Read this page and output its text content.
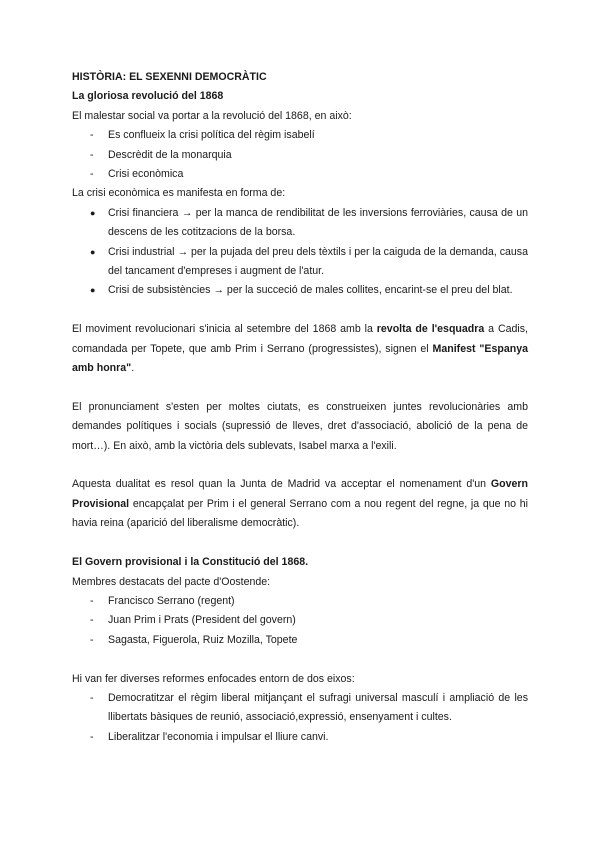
HISTÒRIA: EL SEXENNI DEMOCRÀTIC

La gloriosa revolució del 1868

El malestar social va portar a la revolució del 1868, en això:

- Es conflueix la crisi política del règim isabelí
- Descrèdit de la monarquia
- Crisi econòmica

La crisi econòmica es manifesta en forma de:

● Crisi financiera → per la manca de rendibilitat de les inversions ferroviàries, causa de un descens de les cotitzacions de la borsa.
● Crisi industrial → per la pujada del preu dels tèxtils i per la caiguda de la demanda, causa del tancament d'empreses i augment de l'atur.
● Crisi de subsistències → per la succeció de males collites, encarint-se el preu del blat.

El moviment revolucionari s'inicia al setembre del 1868 amb la revolta de l'esquadra a Cadis, comandada per Topete, que amb Prim i Serrano (progressistes), signen el Manifest "Espanya amb honra".

El pronunciament s'esten per moltes ciutats, es construeixen juntes revolucionàries amb demandes polítiques i socials (supressió de lleves, dret d'associació, abolició de la pena de mort…). En això, amb la victòria dels sublevats, Isabel marxa a l'exili.

Aquesta dualitat es resol quan la Junta de Madrid va acceptar el nomenament d'un Govern Provisional encapçalat per Prim i el general Serrano com a nou regent del regne, ja que no hi havia reina (aparició del liberalisme democràtic).

El Govern provisional i la Constitució del 1868.

Membres destacats del pacte d'Oostende:

- Francisco Serrano (regent)
- Juan Prim i Prats (President del govern)
- Sagasta, Figuerola, Ruiz Mozilla, Topete

Hi van fer diverses reformes enfocades entorn de dos eixos:

- Democratitzar el règim liberal mitjançant el sufragi universal masculí i ampliació de les llibertats bàsiques de reunió, associació,expressió, ensenyament i cultes.
- Liberalitzar l'economia i impulsar el lliure canvi.
